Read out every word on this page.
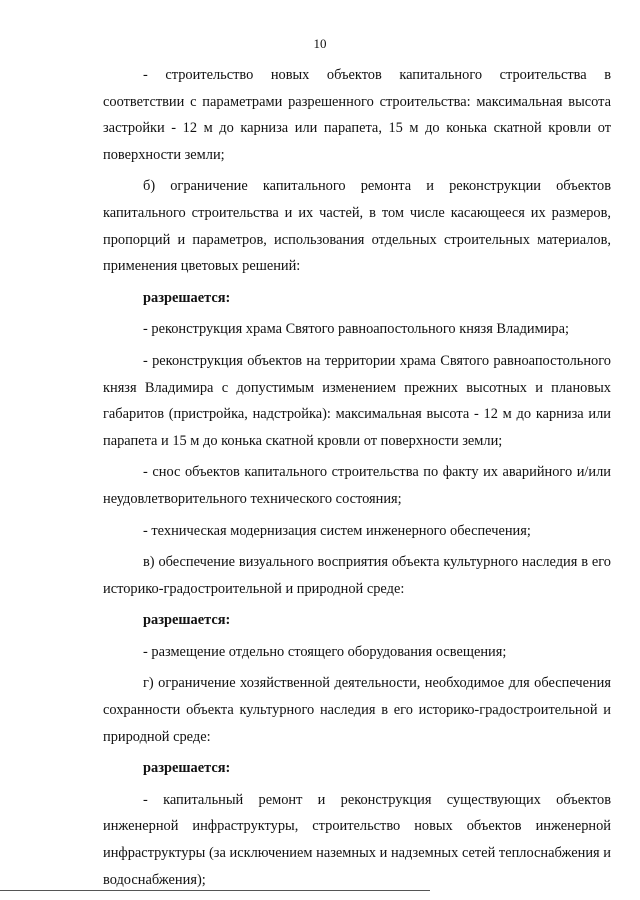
10

- строительство новых объектов капитального строительства в соответствии с параметрами разрешенного строительства: максимальная высота застройки - 12 м до карниза или парапета, 15 м до конька скатной кровли от поверхности земли;

б) ограничение капитального ремонта и реконструкции объектов капитального строительства и их частей, в том числе касающееся их размеров, пропорций и параметров, использования отдельных строительных материалов, применения цветовых решений:

разрешается:

- реконструкция храма Святого равноапостольного князя Владимира;

- реконструкция объектов на территории храма Святого равноапостольного князя Владимира с допустимым изменением прежних высотных и плановых габаритов (пристройка, надстройка): максимальная высота - 12 м до карниза или парапета и 15 м до конька скатной кровли от поверхности земли;

- снос объектов капитального строительства по факту их аварийного и/или неудовлетворительного технического состояния;

- техническая модернизация систем инженерного обеспечения;

в) обеспечение визуального восприятия объекта культурного наследия в его историко-градостроительной и природной среде:

разрешается:

- размещение отдельно стоящего оборудования освещения;

г) ограничение хозяйственной деятельности, необходимое для обеспечения сохранности объекта культурного наследия в его историко-градостроительной и природной среде:

разрешается:

- капитальный ремонт и реконструкция существующих объектов инженерной инфраструктуры, строительство новых объектов инженерной инфраструктуры (за исключением наземных и надземных сетей теплоснабжения и водоснабжения);
